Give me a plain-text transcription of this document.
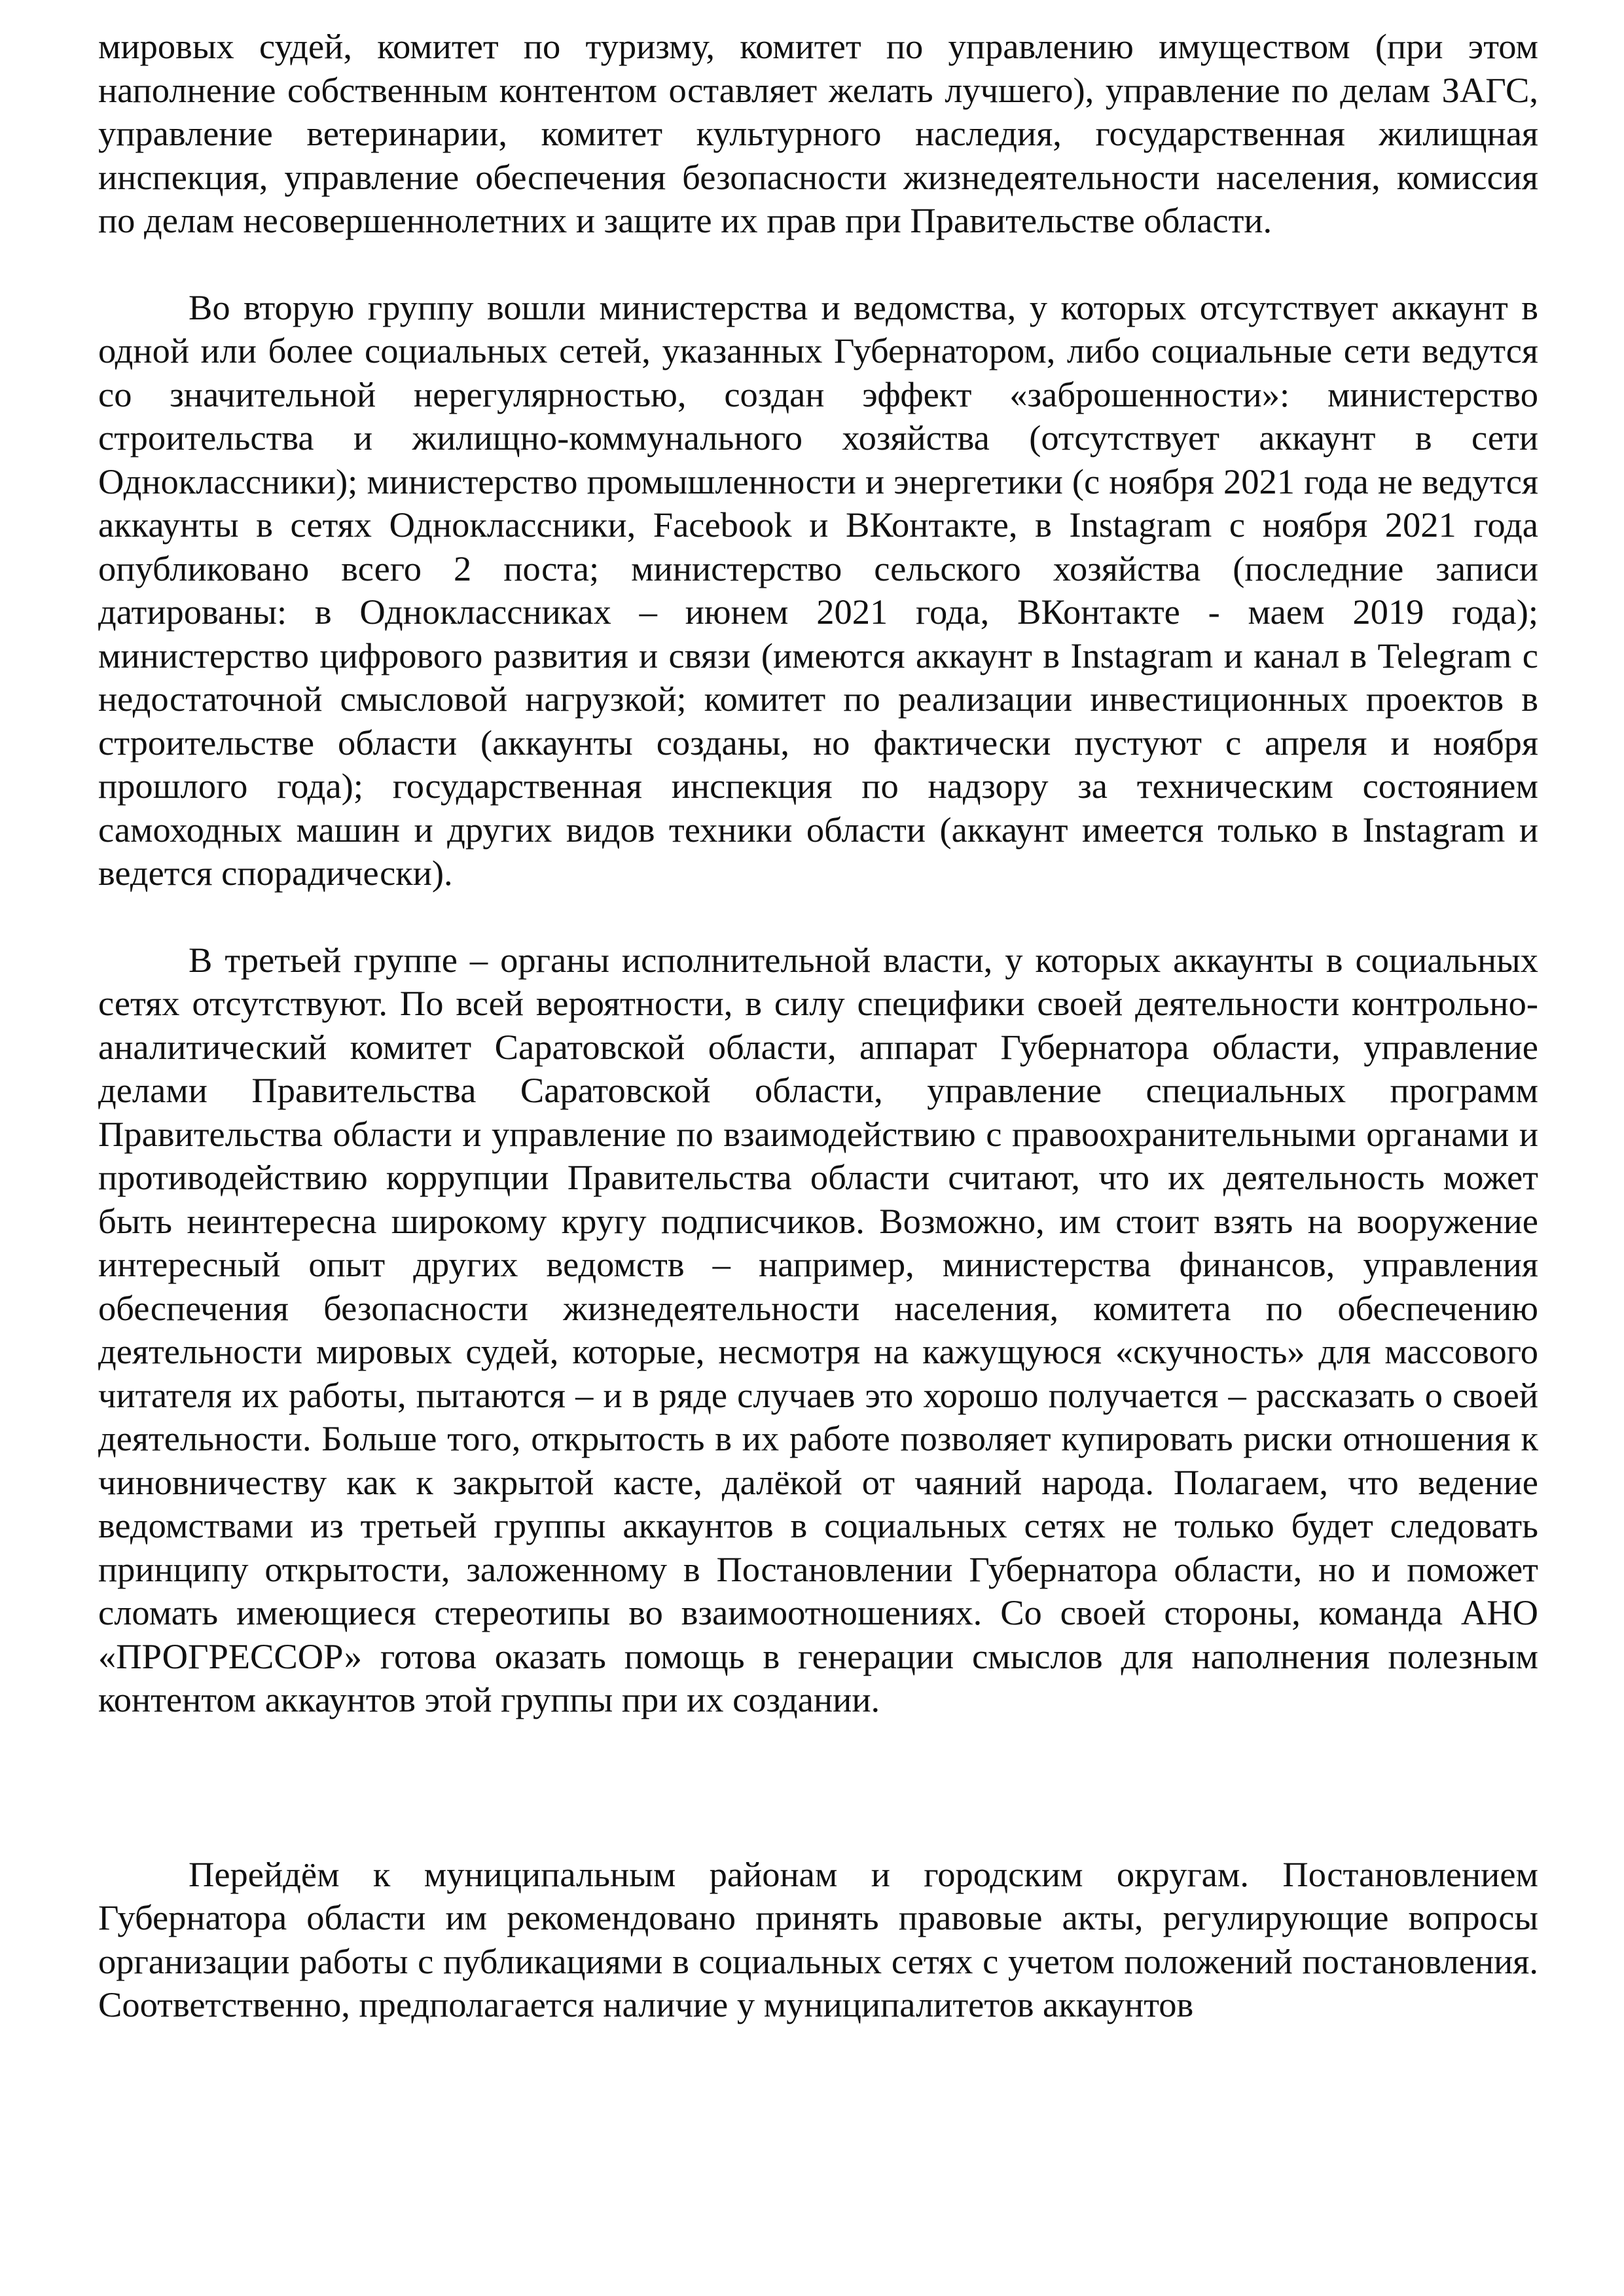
мировых судей, комитет по туризму, комитет по управлению имуществом (при этом наполнение собственным контентом оставляет желать лучшего), управление по делам ЗАГС, управление ветеринарии, комитет культурного наследия, государственная жилищная инспекция, управление обеспечения безопасности жизнедеятельности населения, комиссия по делам несовершеннолетних и защите их прав при Правительстве области.

Во вторую группу вошли министерства и ведомства, у которых отсутствует аккаунт в одной или более социальных сетей, указанных Губернатором, либо социальные сети ведутся со значительной нерегулярностью, создан эффект «заброшенности»: министерство строительства и жилищно-коммунального хозяйства (отсутствует аккаунт в сети Одноклассники); министерство промышленности и энергетики (с ноября 2021 года не ведутся аккаунты в сетях Одноклассники, Facebook и ВКонтакте, в Instagram с ноября 2021 года опубликовано всего 2 поста; министерство сельского хозяйства (последние записи датированы: в Одноклассниках – июнем 2021 года, ВКонтакте - маем 2019 года); министерство цифрового развития и связи (имеются аккаунт в Instagram и канал в Telegram с недостаточной смысловой нагрузкой; комитет по реализации инвестиционных проектов в строительстве области (аккаунты созданы, но фактически пустуют с апреля и ноября прошлого года); государственная инспекция по надзору за техническим состоянием самоходных машин и других видов техники области (аккаунт имеется только в Instagram и ведется спорадически).

В третьей группе – органы исполнительной власти, у которых аккаунты в социальных сетях отсутствуют. По всей вероятности, в силу специфики своей деятельности контрольно-аналитический комитет Саратовской области, аппарат Губернатора области, управление делами Правительства Саратовской области, управление специальных программ Правительства области и управление по взаимодействию с правоохранительными органами и противодействию коррупции Правительства области считают, что их деятельность может быть неинтересна широкому кругу подписчиков. Возможно, им стоит взять на вооружение интересный опыт других ведомств – например, министерства финансов, управления обеспечения безопасности жизнедеятельности населения, комитета по обеспечению деятельности мировых судей, которые, несмотря на кажущуюся «скучность» для массового читателя их работы, пытаются – и в ряде случаев это хорошо получается – рассказать о своей деятельности. Больше того, открытость в их работе позволяет купировать риски отношения к чиновничеству как к закрытой касте, далёкой от чаяний народа. Полагаем, что ведение ведомствами из третьей группы аккаунтов в социальных сетях не только будет следовать принципу открытости, заложенному в Постановлении Губернатора области, но и поможет сломать имеющиеся стереотипы во взаимоотношениях. Со своей стороны, команда АНО «ПРОГРЕССОР» готова оказать помощь в генерации смыслов для наполнения полезным контентом аккаунтов этой группы при их создании.

Перейдём к муниципальным районам и городским округам. Постановлением Губернатора области им рекомендовано принять правовые акты, регулирующие вопросы организации работы с публикациями в социальных сетях с учетом положений постановления. Соответственно, предполагается наличие у муниципалитетов аккаунтов
